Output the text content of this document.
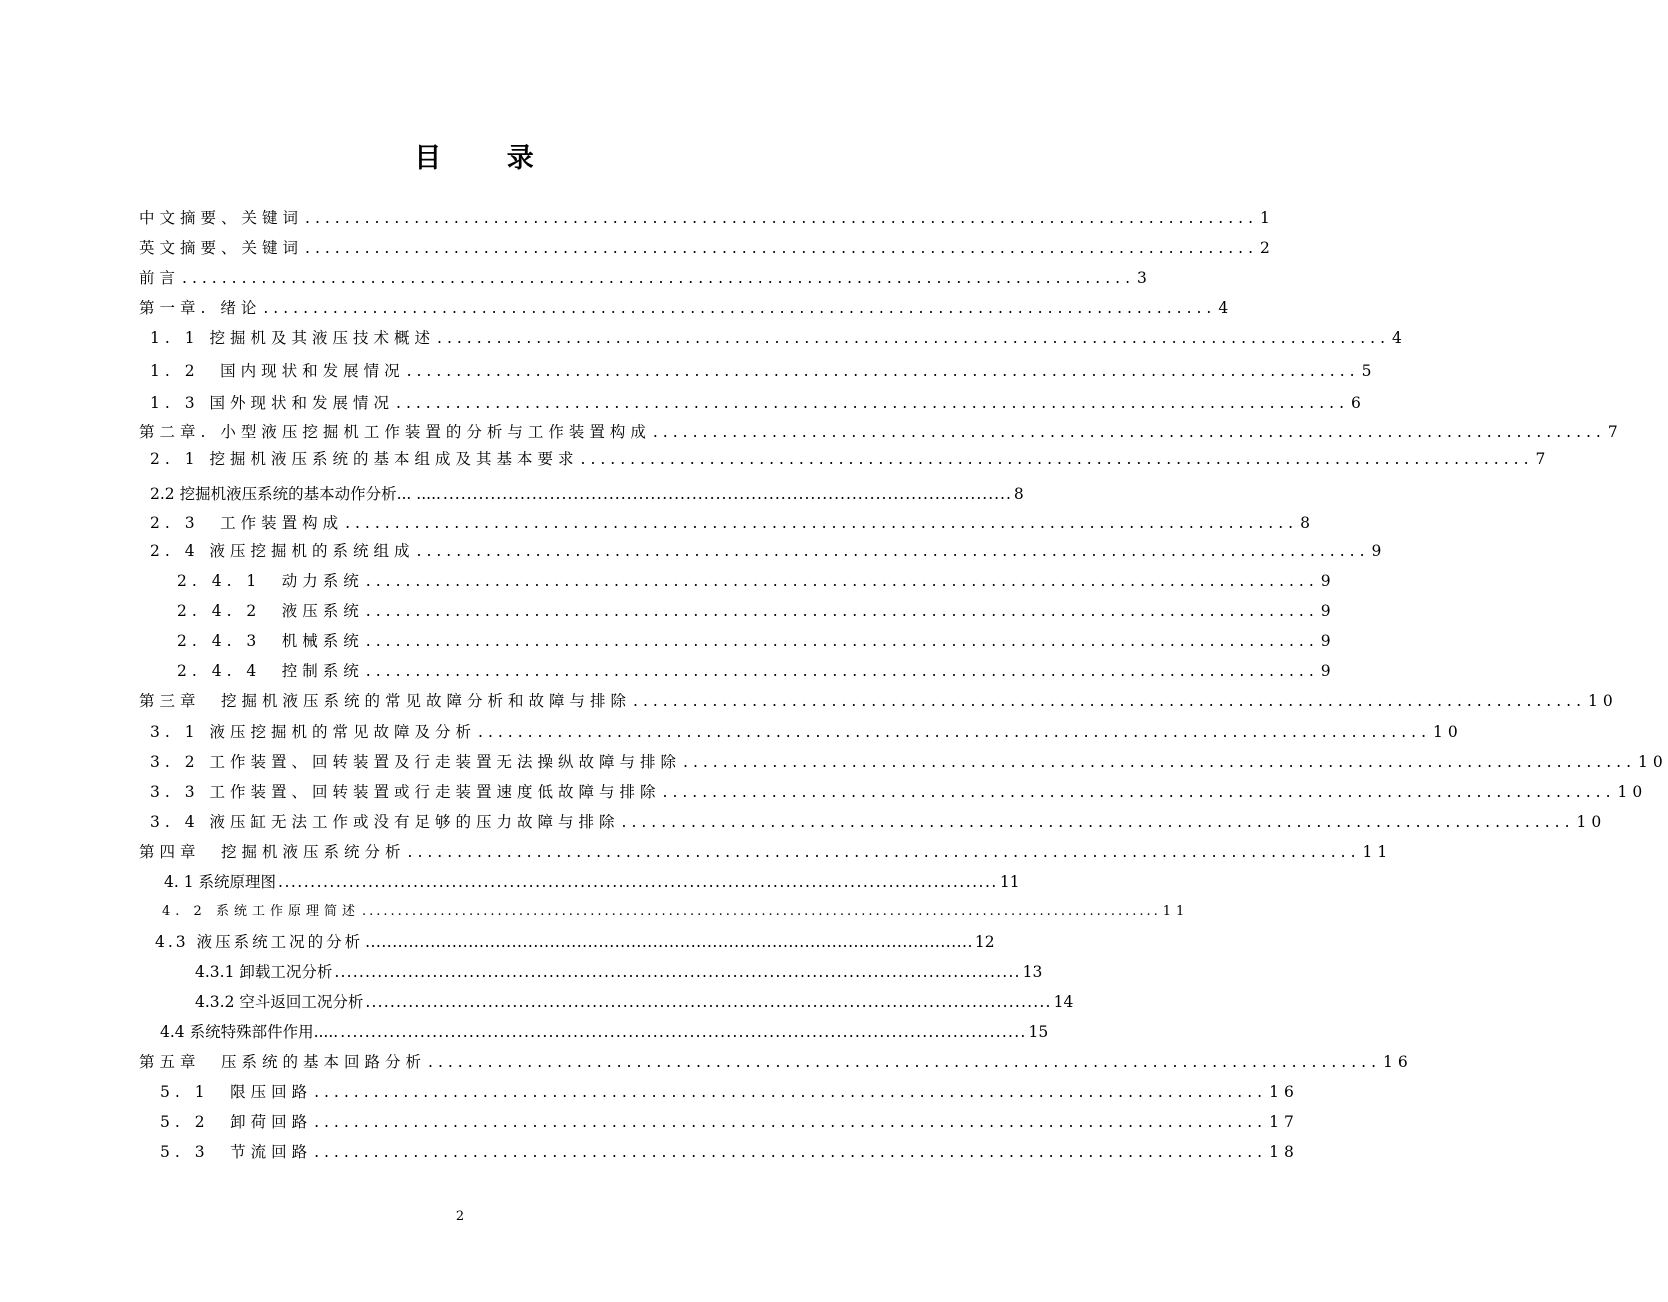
目 录
中文摘要、关键词 ................................................................................................ 1
英文摘要、关键词 ................................................................................................ 2
前言 ................................................................................................ 3
第一章. 绪论 ................................................................................................ 4
1. 1 挖掘机及其液压技术概述 ................................................................................................ 4
1. 2　国内现状和发展情况 ................................................................................................ 5
1. 3 国外现状和发展情况 ................................................................................................ 6
第二章. 小型液压挖掘机工作装置的分析与工作装置构成 ................................................................................................ 7
2. 1 挖掘机液压系统的基本组成及其基本要求 ................................................................................................ 7
2.2 挖掘机液压系统的基本动作分析... ..... ................................................................................................ 8
2. 3　工作装置构成 ................................................................................................ 8
2. 4 液压挖掘机的系统组成 ................................................................................................ 9
2. 4. 1　动力系统 ................................................................................................ 9
2. 4. 2　液压系统 ................................................................................................ 9
2. 4. 3　机械系统 ................................................................................................ 9
2. 4. 4　控制系统 ................................................................................................ 9
第三章　挖掘机液压系统的常见故障分析和故障与排除 ................................................................................................ 10
3. 1 液压挖掘机的常见故障及分析 ................................................................................................ 10
3. 2 工作装置、回转装置及行走装置无法操纵故障与排除 ................................................................................................ 10
3. 3 工作装置、回转装置或行走装置速度低故障与排除 ................................................................................................ 10
3. 4 液压缸无法工作或没有足够的压力故障与排除 ................................................................................................ 10
第四章　挖掘机液压系统分析 ................................................................................................ 11
4. 1 系统原理图 ................................................................................................................ 11
4. 2 系统工作原理简述 ................................................................................................................ 11
4.3 液压系统工况的分析 ................................................................................................................ 12
4.3.1 卸载工况分析 ................................................................................................................ 13
4.3.2 空斗返回工况分析 ................................................................................................................ 14
4.4 系统特殊部件作用..... ................................................................................................................ 15
第五章　压系统的基本回路分析 ................................................................................................ 16
5. 1　限压回路 ................................................................................................ 16
5. 2　卸荷回路 ................................................................................................ 17
5. 3　节流回路 ................................................................................................ 18
2
